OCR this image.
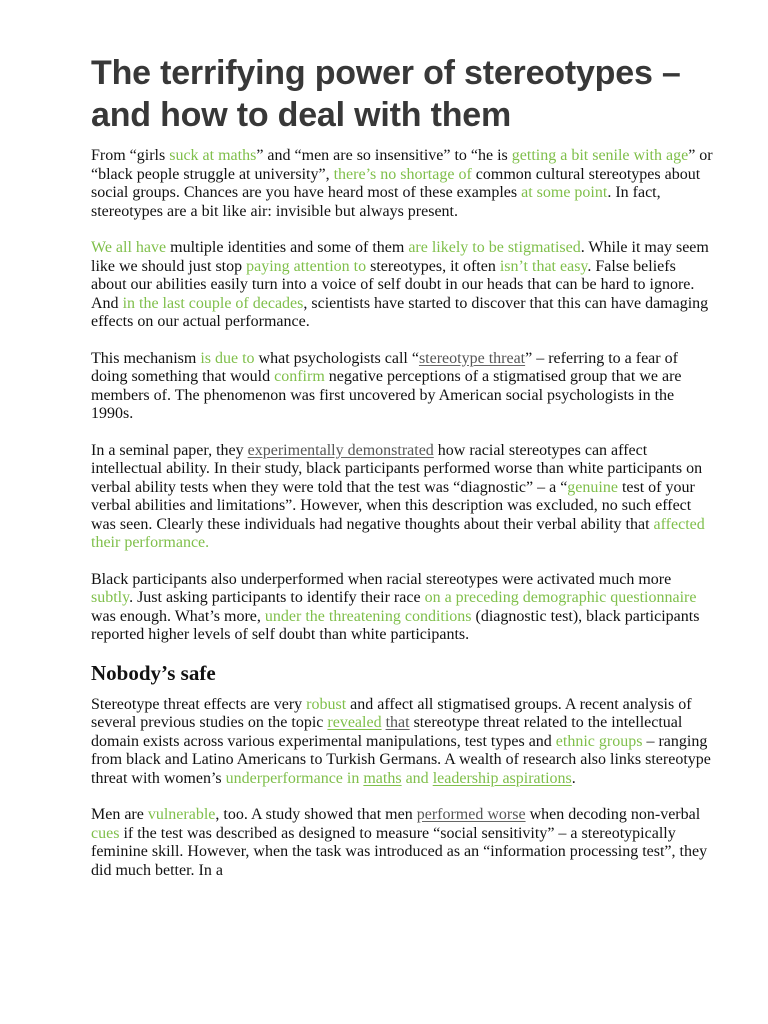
The terrifying power of stereotypes – and how to deal with them

From “girls suck at maths” and “men are so insensitive” to “he is getting a bit senile with age” or “black people struggle at university”, there’s no shortage of common cultural stereotypes about social groups. Chances are you have heard most of these examples at some point. In fact, stereotypes are a bit like air: invisible but always present.

We all have multiple identities and some of them are likely to be stigmatised. While it may seem like we should just stop paying attention to stereotypes, it often isn’t that easy. False beliefs about our abilities easily turn into a voice of self doubt in our heads that can be hard to ignore. And in the last couple of decades, scientists have started to discover that this can have damaging effects on our actual performance.

This mechanism is due to what psychologists call “stereotype threat” – referring to a fear of doing something that would confirm negative perceptions of a stigmatised group that we are members of. The phenomenon was first uncovered by American social psychologists in the 1990s.

In a seminal paper, they experimentally demonstrated how racial stereotypes can affect intellectual ability. In their study, black participants performed worse than white participants on verbal ability tests when they were told that the test was “diagnostic” – a “genuine test of your verbal abilities and limitations”. However, when this description was excluded, no such effect was seen. Clearly these individuals had negative thoughts about their verbal ability that affected their performance.

Black participants also underperformed when racial stereotypes were activated much more subtly. Just asking participants to identify their race on a preceding demographic questionnaire was enough. What’s more, under the threatening conditions (diagnostic test), black participants reported higher levels of self doubt than white participants.

Nobody’s safe

Stereotype threat effects are very robust and affect all stigmatised groups. A recent analysis of several previous studies on the topic revealed that stereotype threat related to the intellectual domain exists across various experimental manipulations, test types and ethnic groups – ranging from black and Latino Americans to Turkish Germans. A wealth of research also links stereotype threat with women’s underperformance in maths and leadership aspirations.

Men are vulnerable, too. A study showed that men performed worse when decoding non-verbal cues if the test was described as designed to measure “social sensitivity” – a stereotypically feminine skill. However, when the task was introduced as an “information processing test”, they did much better. In a
